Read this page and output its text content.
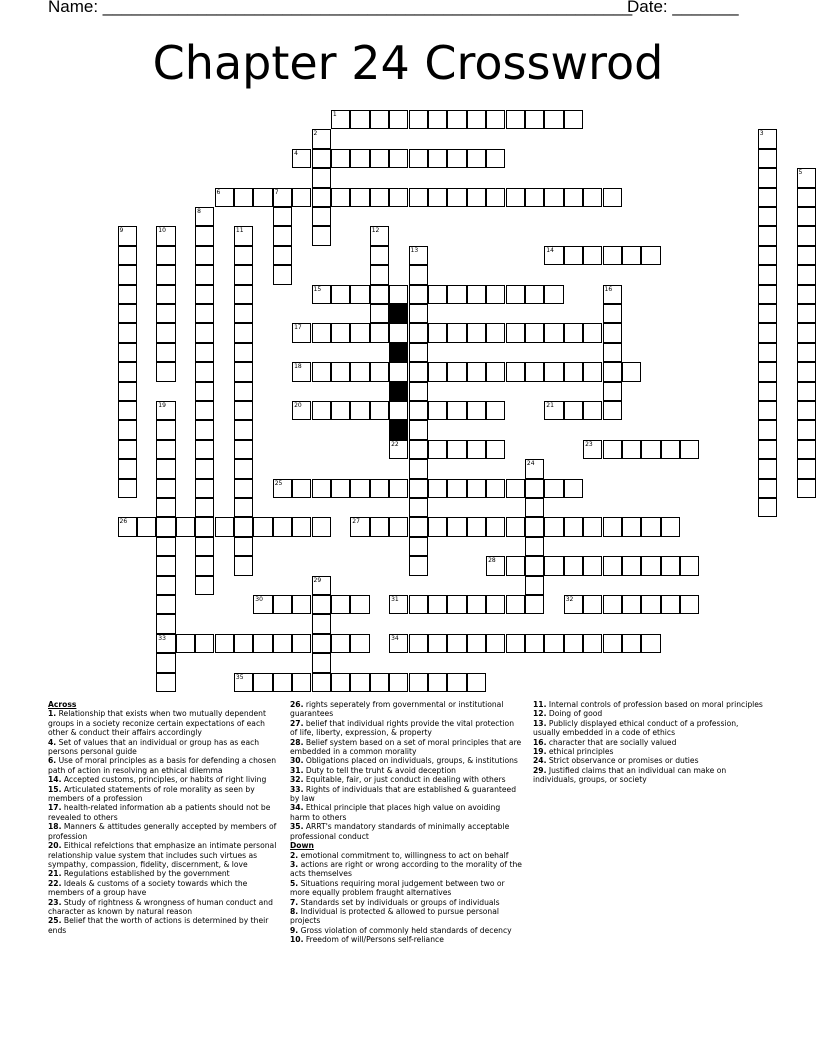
Name: ________________________________________________________
Date: _______
Chapter 24 Crosswrod
1
2	3
4
5
6	7
8
9	10	11	12
13	14
15	16
17
18
19
33
20	21
22	23
24
25
26	27
28
29
30	31	32
34
35
Across
1. Relationship that exists when two mutually dependent groups in a society reconize certain expectations of each other & conduct their affairs accordingly
4. Set of values that an individual or group has as each persons personal guide
6. Use of moral principles as a basis for defending a chosen path of action in resolving an ethical dilemma
14. Accepted customs, principles, or habits of right living
15. Articulated statements of role morality as seen by members of a profession
17. health-related information ab a patients should not be revealed to others
18. Manners & attitudes generally accepted by members of profession
20. Eithical refelctions that emphasize an intimate personal relationship value system that includes such virtues as sympathy, compassion, fidelity, discernment, & love
21. Regulations established by the government
22. Ideals & customs of a society towards which the members of a group have
23. Study of rightness & wrongness of human conduct and character as known by natural reason
25. Belief that the worth of actions is determined by their ends
26. rights seperately from governmental or institutional guarantees
27. belief that individual rights provide the vital protection of life, liberty, expression, & property
28. Belief system based on a set of moral principles that are embedded in a common morality
30. Obligations placed on individuals, groups, & institutions
31. Duty to tell the truht & avoid deception
32. Equitable, fair, or just conduct in dealing with others
33. Rights of individuals that are established & guaranteed by law
34. Ethical principle that places high value on avoiding harm to others
35. ARRT's mandatory standards of minimally acceptable professional conduct
Down
2. emotional commitment to, willingness to act on behalf
3. actions are right or wrong according to the morality of the acts themselves
5. Situations requiring moral judgement between two or more equally problem fraught alternatives
7. Standards set by individuals or groups of individuals
8. Individual is protected & allowed to pursue personal projects
9. Gross violation of commonly held standards of decency
10. Freedom of will/Persons self-reliance
11. Internal controls of profession based on moral principles
12. Doing of good
13. Publicly displayed ethical conduct of a profession, usually embedded in a code of ethics
16. character that are socially valued
19. ethical principles
24. Strict observance or promises or duties
29. Justified claims that an individual can make on individuals, groups, or society
